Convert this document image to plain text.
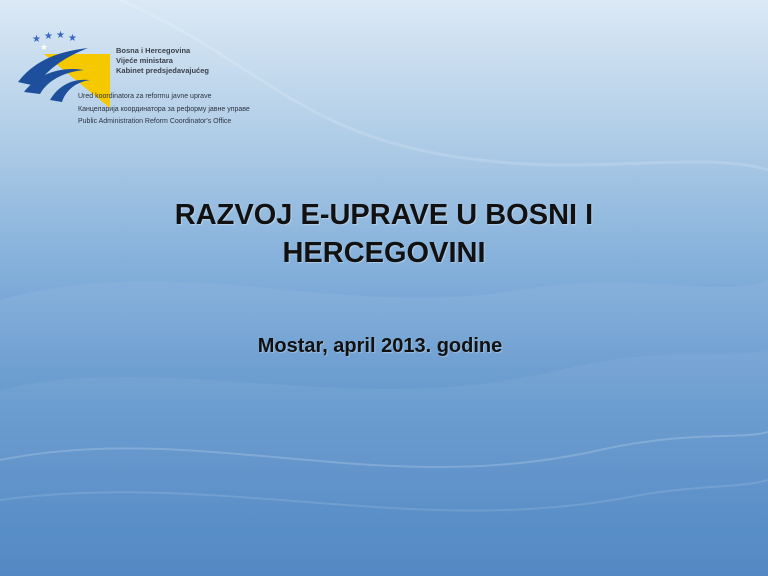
★ ★ ★ ★
★	Bosna i Hercegovina
Vijeće ministara
Kabinet predsjedavajućeg
Ured koordinatora za reformu javne uprave
Канцеларија координатора за реформу јавне управе
Public Administration Reform Coordinator's Office
RAZVOJ E-UPRAVE U BOSNI I
HERCEGOVINI
Mostar, april 2013. godine
